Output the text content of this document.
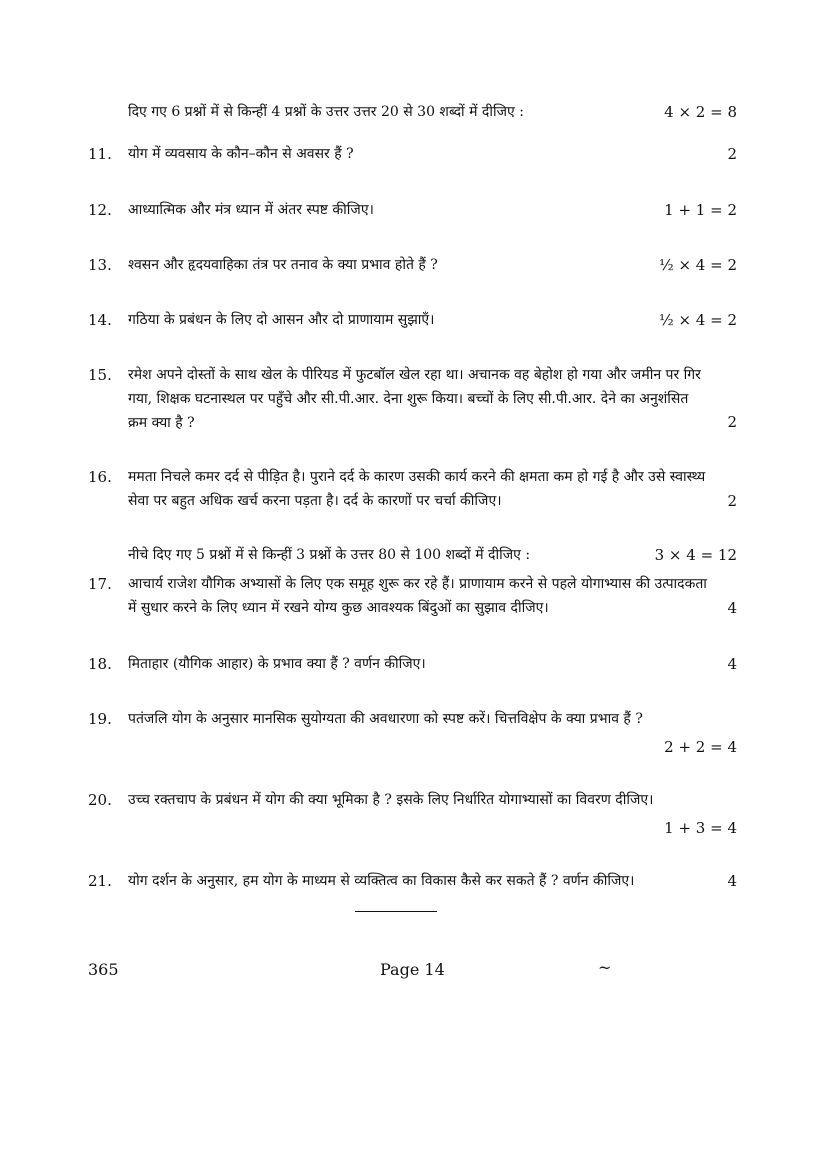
दिए गए 6 प्रश्नों में से किन्हीं 4 प्रश्नों के उत्तर उत्तर 20 से 30 शब्दों में दीजिए :	4 × 2 = 8
11.	योग में व्यवसाय के कौन–कौन से अवसर हैं ?	2
12.	आध्यात्मिक और मंत्र ध्यान में अंतर स्पष्ट कीजिए।	1 + 1 = 2
13.	श्वसन और हृदयवाहिका तंत्र पर तनाव के क्या प्रभाव होते हैं ?	½ × 4 = 2
14.	गठिया के प्रबंधन के लिए दो आसन और दो प्राणायाम सुझाएँ।	½ × 4 = 2
15.	रमेश अपने दोस्तों के साथ खेल के पीरियड में फुटबॉल खेल रहा था। अचानक वह बेहोश हो गया और जमीन पर गिर गया, शिक्षक घटनास्थल पर पहुँचे और सी.पी.आर. देना शुरू किया। बच्चों के लिए सी.पी.आर. देने का अनुशंसित क्रम क्या है ?	2
16.	ममता निचले कमर दर्द से पीड़ित है। पुराने दर्द के कारण उसकी कार्य करने की क्षमता कम हो गई है और उसे स्वास्थ्य सेवा पर बहुत अधिक खर्च करना पड़ता है। दर्द के कारणों पर चर्चा कीजिए।	2
नीचे दिए गए 5 प्रश्नों में से किन्हीं 3 प्रश्नों के उत्तर 80 से 100 शब्दों में दीजिए :	3 × 4 = 12
17.	आचार्य राजेश यौगिक अभ्यासों के लिए एक समूह शुरू कर रहे हैं। प्राणायाम करने से पहले योगाभ्यास की उत्पादकता में सुधार करने के लिए ध्यान में रखने योग्य कुछ आवश्यक बिंदुओं का सुझाव दीजिए।	4
18.	मिताहार (यौगिक आहार) के प्रभाव क्या हैं ? वर्णन कीजिए।	4
19.	पतंजलि योग के अनुसार मानसिक सुयोग्यता की अवधारणा को स्पष्ट करें। चित्तविक्षेप के क्या प्रभाव हैं ?
2 + 2 = 4
20.	उच्च रक्तचाप के प्रबंधन में योग की क्या भूमिका है ? इसके लिए निर्धारित योगाभ्यासों का विवरण दीजिए।
1 + 3 = 4
21.	योग दर्शन के अनुसार, हम योग के माध्यम से व्यक्तित्व का विकास कैसे कर सकते हैं ? वर्णन कीजिए।	4
365	Page 14	~
